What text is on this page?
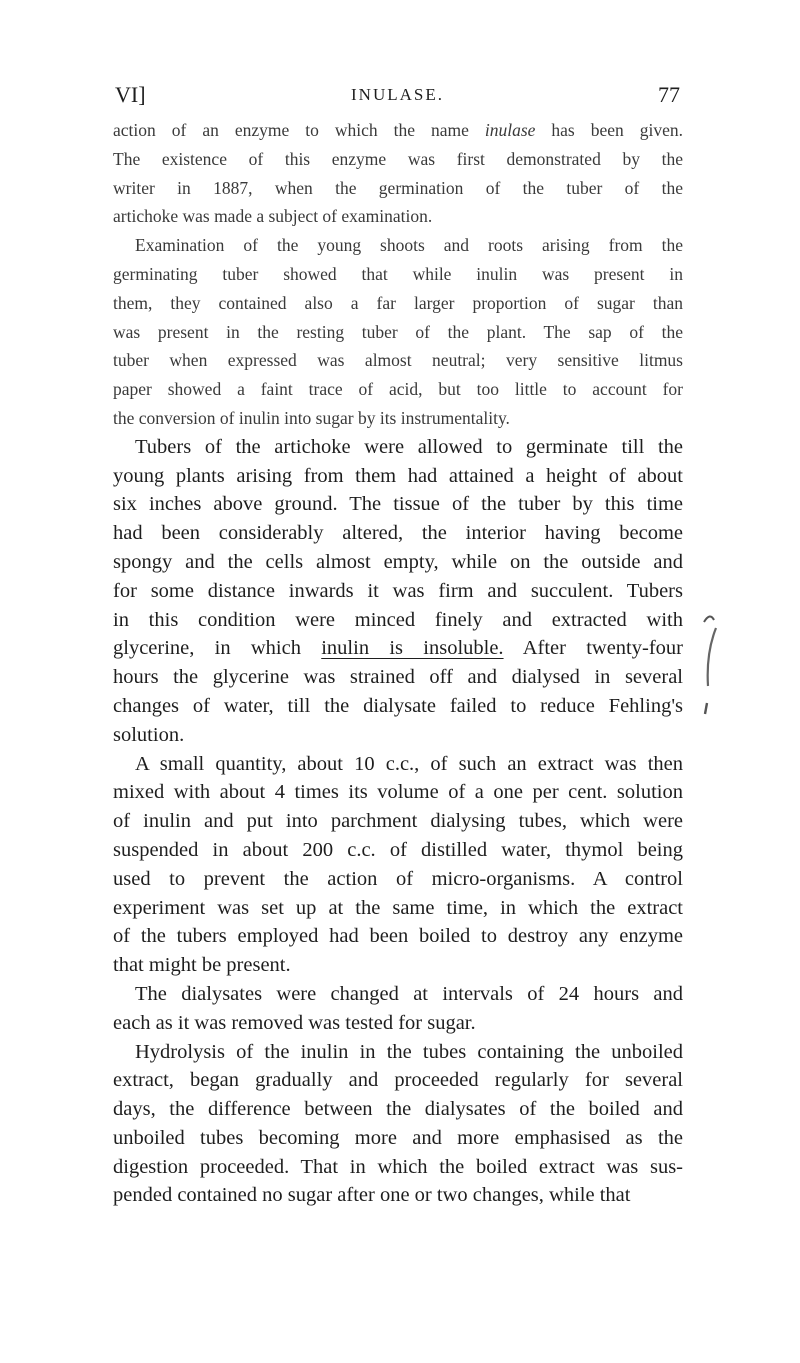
VI]	INULASE.	77
action of an enzyme to which the name inulase has been given.
The existence of this enzyme was first demonstrated by the
writer in 1887, when the germination of the tuber of the
artichoke was made a subject of examination.
Examination of the young shoots and roots arising from the
germinating tuber showed that while inulin was present in
them, they contained also a far larger proportion of sugar than
was present in the resting tuber of the plant. The sap of the
tuber when expressed was almost neutral; very sensitive litmus
paper showed a faint trace of acid, but too little to account for
the conversion of inulin into sugar by its instrumentality.
Tubers of the artichoke were allowed to germinate till the
young plants arising from them had attained a height of about
six inches above ground. The tissue of the tuber by this time
had been considerably altered, the interior having become
spongy and the cells almost empty, while on the outside and
for some distance inwards it was firm and succulent. Tubers
in this condition were minced finely and extracted with
glycerine, in which inulin is insoluble. After twenty-four
hours the glycerine was strained off and dialysed in several
changes of water, till the dialysate failed to reduce Fehling's
solution.
A small quantity, about 10 c.c., of such an extract was then
mixed with about 4 times its volume of a one per cent. solution
of inulin and put into parchment dialysing tubes, which were
suspended in about 200 c.c. of distilled water, thymol being
used to prevent the action of micro-organisms. A control
experiment was set up at the same time, in which the extract
of the tubers employed had been boiled to destroy any enzyme
that might be present.
The dialysates were changed at intervals of 24 hours and
each as it was removed was tested for sugar.
Hydrolysis of the inulin in the tubes containing the unboiled
extract, began gradually and proceeded regularly for several
days, the difference between the dialysates of the boiled and
unboiled tubes becoming more and more emphasised as the
digestion proceeded. That in which the boiled extract was sus-
pended contained no sugar after one or two changes, while that
